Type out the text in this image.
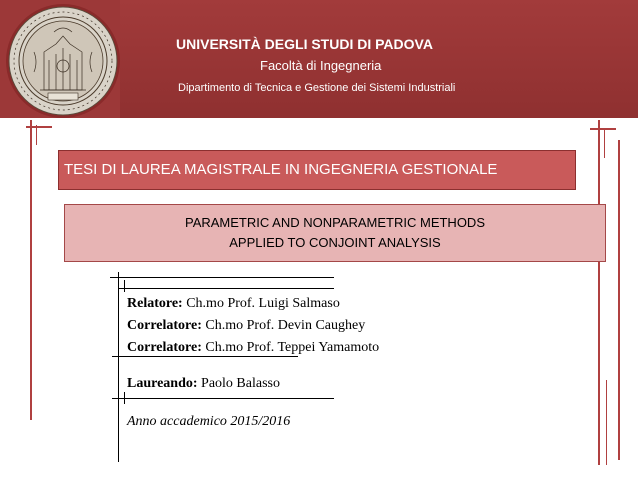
UNIVERSITÀ DEGLI STUDI DI PADOVA
Facoltà di Ingegneria
Dipartimento di Tecnica e Gestione dei Sistemi Industriali
TESI DI LAUREA MAGISTRALE IN INGEGNERIA GESTIONALE
PARAMETRIC AND NONPARAMETRIC METHODS
APPLIED TO CONJOINT ANALYSIS
Relatore: Ch.mo Prof. Luigi Salmaso
Correlatore: Ch.mo Prof. Devin Caughey
Correlatore: Ch.mo Prof. Teppei Yamamoto
Laureando: Paolo Balasso
Anno accademico 2015/2016
